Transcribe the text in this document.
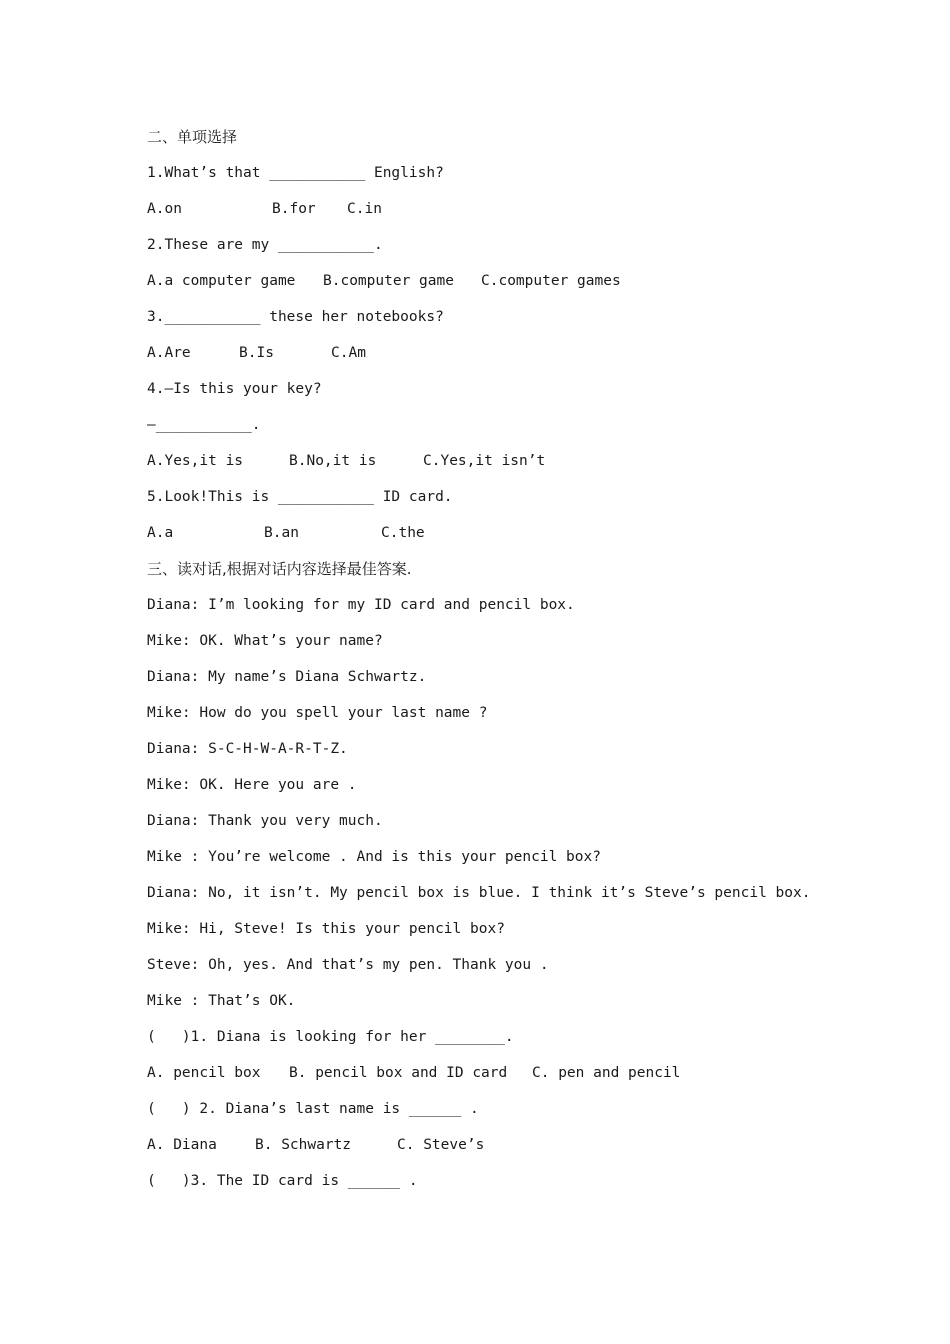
二、单项选择
1.What’s that ___________ English?
A.on	B.for	C.in
2.These are my ___________.
A.a computer game	B.computer game	C.computer games
3.___________ these her notebooks?
A.Are	B.Is	C.Am
4.—Is this your key?
—___________.
A.Yes,it is	B.No,it is	C.Yes,it isn’t
5.Look!This is ___________ ID card.
A.a	B.an	C.the
三、读对话,根据对话内容选择最佳答案.
Diana: I’m looking for my ID card and pencil box.
Mike: OK. What’s your name?
Diana: My name’s Diana Schwartz.
Mike: How do you spell your last name ?
Diana: S-C-H-W-A-R-T-Z.
Mike: OK. Here you are .
Diana: Thank you very much.
Mike : You’re welcome . And is this your pencil box?
Diana: No, it isn’t. My pencil box is blue. I think it’s Steve’s pencil box.
Mike: Hi, Steve! Is this your pencil box?
Steve: Oh, yes. And that’s my pen. Thank you .
Mike : That’s OK.
(   )1. Diana is looking for her ________.
A. pencil box	B. pencil box and ID card	C. pen and pencil
(   ) 2. Diana’s last name is ______ .
A. Diana	B. Schwartz	C. Steve’s
(   )3. The ID card is ______ .
